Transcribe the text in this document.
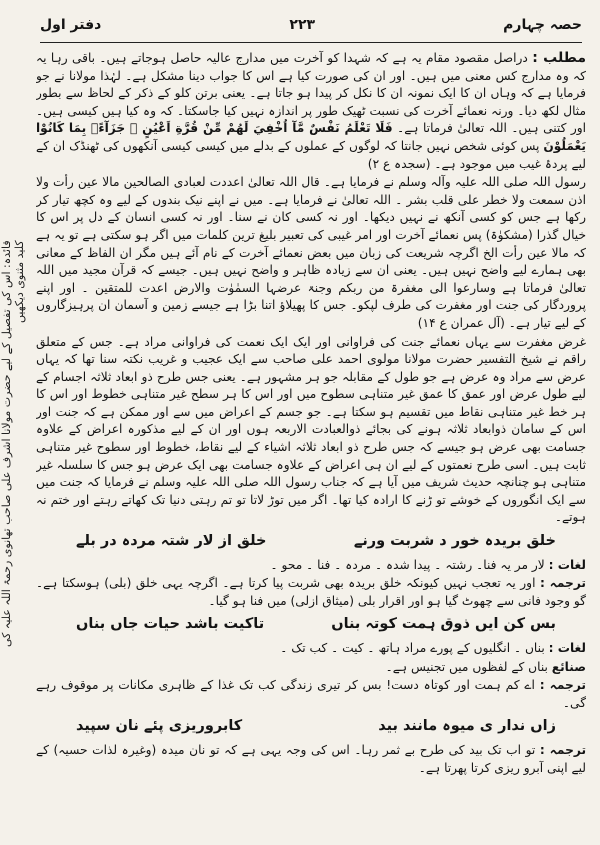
دفتر اول	۲۲۳	حصہ چہارم
فائدہ: اس کی تفصیل کے لیے حضرت مولانا اشرف علی صاحب تھانوی رحمۃ اللہ علیہ کی کلید مثنوی دیکھیں

مطلب : دراصل مقصود مقام یہ ہے کہ شہدا کو آخرت میں مدارج عالیہ حاصل ہوجاتے ہیں۔ باقی رہا یہ کہ وہ مدارج کس معنی میں ہیں۔ اور ان کی صورت کیا ہے اس کا جواب دینا مشکل ہے۔ لہٰذا مولانا نے جو فرمایا ہے کہ وہاں ان کا ایک نمونہ ان کا نکل کر پیدا ہو جاتا ہے۔ یعنی برتن کلو کے ذکر کے لحاظ سے بطور مثال لکھ دیا۔ ورنہ نعمائے آخرت کی نسبت ٹھیک طور پر اندازہ نہیں کیا جاسکتا۔ کہ وہ کیا ہیں کیسی ہیں۔ اور کتنی ہیں۔ اللہ تعالیٰ فرماتا ہے۔ فَلَا تَعْلَمُ نَفْسٌ مَّآ اُخْفِيَ لَهُمْ مِّنْ قُرَّةِ اَعْيُنٍ ۚ جَزَآءًۢ بِمَا كَانُوْا يَعْمَلُوْنَ پس کوئی شخص نہیں جانتا کہ لوگوں کے عملوں کے بدلے میں کیسی کیسی آنکھوں کی ٹھنڈک ان کے لیے پردۂ غیب میں موجود ہے۔ (سجدہ ع ۲)

رسول اللہ صلی اللہ علیہ وآلہ وسلم نے فرمایا ہے۔ قال اللہ تعالیٰ اعددت لعبادی الصالحین مالا عین رأت ولا اذن سمعت ولا خطر علی قلب بشر ۔ اللہ تعالیٰ نے فرمایا ہے۔ میں نے اپنے نیک بندوں کے لیے وہ کچھ تیار کر رکھا ہے جس کو کسی آنکھ نے نہیں دیکھا۔ اور نہ کسی کان نے سنا۔ اور نہ کسی انسان کے دل پر اس کا خیال گذرا (مشکوٰۃ) پس نعمائے آخرت اور امر غیبی کی تعبیر بلیغ ترین کلمات میں اگر ہو سکتی ہے تو یہ ہے کہ مالا عین رأت الخ اگرچہ شریعت کی زبان میں بعض نعمائے آخرت کے نام آئے ہیں مگر ان الفاظ کے معانی بھی ہمارے لیے واضح نہیں ہیں۔ یعنی ان سے زیادہ ظاہر و واضح نہیں ہیں۔ جیسے کہ قرآن مجید میں اللہ تعالیٰ فرماتا ہے وسارعوا الی مغفرۃ من ربکم وجنۃ عرضہا السمٰوٰت والارض اعدت للمتقین ۔ اور اپنے پروردگار کی جنت اور مغفرت کی طرف لپکو۔ جس کا پھیلاؤ اتنا بڑا ہے جیسے زمین و آسمان ان پرہیزگاروں کے لیے تیار ہے۔ (آل عمران ع ۱۴)

غرض مغفرت سے یہاں نعمائے جنت کی فراوانی اور ایک ایک نعمت کی فراوانی مراد ہے۔ جس کے متعلق راقم نے شیخ التفسیر حضرت مولانا مولوی احمد علی صاحب سے ایک عجیب و غریب نکتہ سنا تھا کہ یہاں عرض سے مراد وہ عرض ہے جو طول کے مقابلہ جو ہر مشہور ہے۔ یعنی جس طرح ذو ابعاد ثلاثہ اجسام کے لیے طول عرض اور عمق کا عمق غیر متناہی سطوح میں اور اس کا ہر سطح غیر متناہی خطوط اور اس کا ہر خط غیر متناہی نقاط میں تقسیم ہو سکتا ہے۔ جو جسم کے اعراض میں سے اور ممکن ہے کہ جنت اور اس کے سامان ذوابعاد ثلاثہ ہونے کی بجائے ذوالعبادت الاربعہ ہوں اور ان کے لیے مذکورہ اعراض کے علاوہ جسامت بھی عرض ہو جیسے کہ جس طرح ذو ابعاد ثلاثہ اشیاء کے لیے نقاط، خطوط اور سطوح غیر متناہی ثابت ہیں۔ اسی طرح نعمتوں کے لیے ان ہی اعراض کے علاوہ جسامت بھی ایک عرض ہو جس کا سلسلہ غیر متناہی ہو چنانچہ حدیث شریف میں آیا ہے کہ جناب رسول اللہ صلی اللہ علیہ وسلم نے فرمایا کہ جنت میں سے ایک انگوروں کے خوشے تو ڑنے کا ارادہ کیا تھا۔ اگر میں توڑ لاتا تو تم رہتی دنیا تک کھاتے رہتے اور ختم نہ ہوتے۔

خلق بریدہ خور د شربت ورنے
خلق از لار شتہ مردہ در بلے

لغات : لار مر یہ فنا۔ رشتہ ۔ پیدا شدہ ۔ مردہ ۔ فنا ۔ محو ۔

ترجمہ : اور یہ تعجب نہیں کیونکہ خلق بریدہ بھی شربت پیا کرتا ہے۔ اگرچہ یہی خلق (بلی) ہوسکتا ہے۔ گو وجود فانی سے چھوٹ گیا ہو اور اقرار بلی (میثاق ازلی) میں فنا ہو گیا۔

بس کن ایں ذوق ہمت کوتہ بناں
تاکیت باشد حیات جاں بناں

لغات : بناں ۔ انگلیوں کے پورے مراد ہاتھ ۔ کیت ۔ کب تک ۔

صنائع بناں کے لفظوں میں تجنیس ہے۔

ترجمہ : اے کم ہمت اور کوتاہ دست! بس کر تیری زندگی کب تک غذا کے ظاہری مکانات پر موقوف رہے گی۔

زاں ندار ی میوہ مانند بید
کابروریزی پئے نان سپید

ترجمہ : تو اب تک بید کی طرح بے ثمر رہا۔ اس کی وجہ یہی ہے کہ تو نان میدہ (وغیرہ لذات حسیہ) کے لیے اپنی آبرو ریزی کرتا پھرتا ہے۔
